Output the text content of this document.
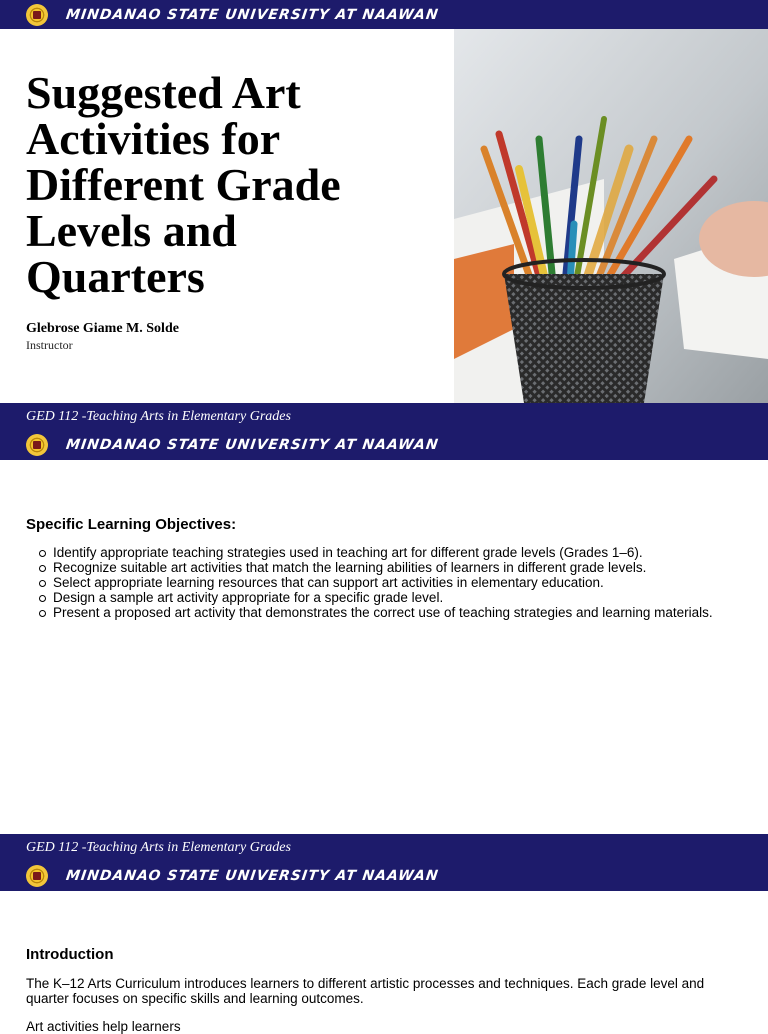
MINDANAO STATE UNIVERSITY AT NAAWAN
Suggested Art
Activities for
Different Grade
Levels and
Quarters
Glebrose Giame M. Solde
Instructor
GED 112 -Teaching Arts in Elementary Grades
MINDANAO STATE UNIVERSITY AT NAAWAN
Specific Learning Objectives:
Identify appropriate teaching strategies used in teaching art for different grade levels (Grades 1–6).
Recognize suitable art activities that match the learning abilities of learners in different grade levels.
Select appropriate learning resources that can support art activities in elementary education.
Design a sample art activity appropriate for a specific grade level.
Present a proposed art activity that demonstrates the correct use of teaching strategies and learning materials.
GED 112 -Teaching Arts in Elementary Grades
MINDANAO STATE UNIVERSITY AT NAAWAN
Introduction
The K–12 Arts Curriculum introduces learners to different artistic processes and techniques. Each grade level and quarter focuses on specific skills and learning outcomes.
Art activities help learners
